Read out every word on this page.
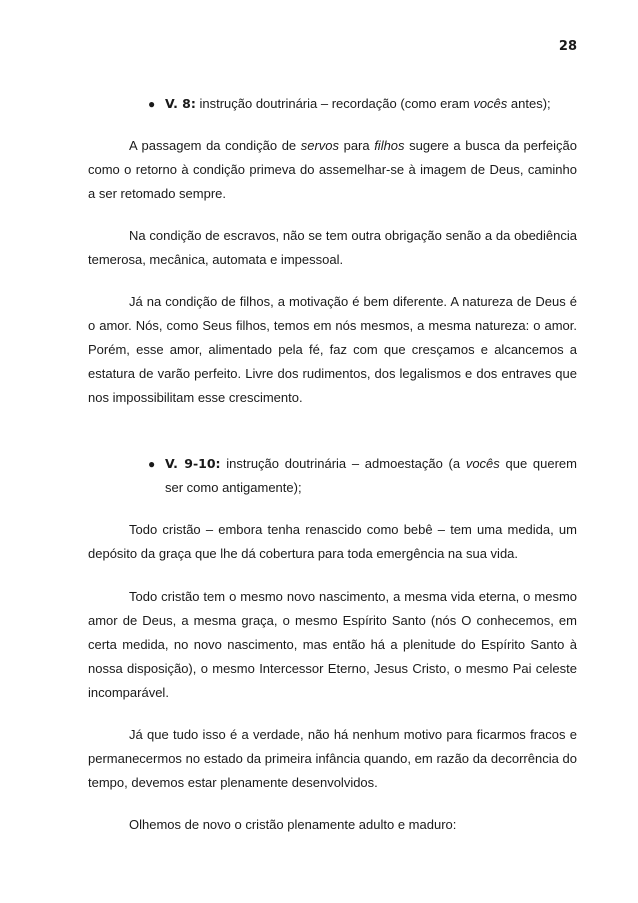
28
● V. 8: instrução doutrinária – recordação (como eram vocês antes);

A passagem da condição de servos para filhos sugere a busca da perfeição como o retorno à condição primeva do assemelhar-se à imagem de Deus, caminho a ser retomado sempre.

Na condição de escravos, não se tem outra obrigação senão a da obediência temerosa, mecânica, automata e impessoal.

Já na condição de filhos, a motivação é bem diferente. A natureza de Deus é o amor. Nós, como Seus filhos, temos em nós mesmos, a mesma natureza: o amor. Porém, esse amor, alimentado pela fé, faz com que cresçamos e alcancemos a estatura de varão perfeito. Livre dos rudimentos, dos legalismos e dos entraves que nos impossibilitam esse crescimento.

● V. 9-10: instrução doutrinária – admoestação (a vocês que querem ser como antigamente);

Todo cristão – embora tenha renascido como bebê – tem uma medida, um depósito da graça que lhe dá cobertura para toda emergência na sua vida.

Todo cristão tem o mesmo novo nascimento, a mesma vida eterna, o mesmo amor de Deus, a mesma graça, o mesmo Espírito Santo (nós O conhecemos, em certa medida, no novo nascimento, mas então há a plenitude do Espírito Santo à nossa disposição), o mesmo Intercessor Eterno, Jesus Cristo, o mesmo Pai celeste incomparável.

Já que tudo isso é a verdade, não há nenhum motivo para ficarmos fracos e permanecermos no estado da primeira infância quando, em razão da decorrência do tempo, devemos estar plenamente desenvolvidos.

Olhemos de novo o cristão plenamente adulto e maduro:
